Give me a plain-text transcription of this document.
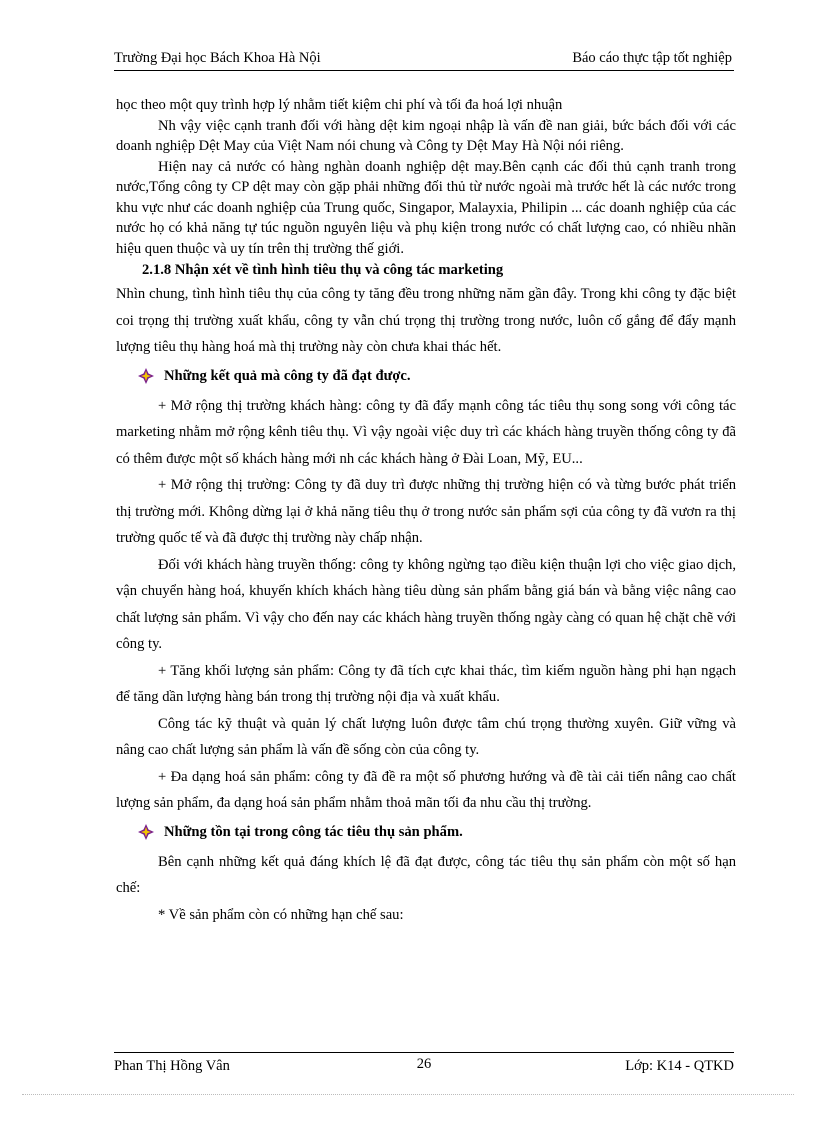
Trường Đại học Bách Khoa Hà Nội	Báo cáo thực tập tốt nghiệp

học theo một quy trình hợp lý nhằm tiết kiệm chi phí và tối đa hoá lợi nhuận

Nh vậy việc cạnh tranh đối với hàng dệt kim ngoại nhập là vấn đề nan giải, bức bách đối với các doanh nghiệp Dệt May của Việt Nam nói chung và Công ty Dệt May Hà Nội nói riêng.

Hiện nay cả nước có hàng nghàn doanh nghiệp dệt may.Bên cạnh các đối thủ cạnh tranh trong nước,Tổng công ty CP dệt may còn gặp phải những đối thủ từ nước ngoài mà trước hết là các nước trong khu vực như các doanh nghiệp của Trung quốc, Singapor, Malayxia, Philipin ... các doanh nghiệp của các nước họ có khả năng tự túc nguồn nguyên liệu và phụ kiện trong nước có chất lượng cao, có nhiều nhãn hiệu quen thuộc và uy tín trên thị trường thế giới.

2.1.8 Nhận xét về tình hình tiêu thụ và công tác marketing

Nhìn chung, tình hình tiêu thụ của công ty tăng đều trong những năm gần đây. Trong khi công ty đặc biệt coi trọng thị trường xuất khẩu, công ty vẫn chú trọng thị trường trong nước, luôn cố gắng để đẩy mạnh lượng tiêu thụ hàng hoá mà thị trường này còn chưa khai thác hết.

Những kết quả mà công ty đã đạt được.

+ Mở rộng thị trường khách hàng: công ty đã đẩy mạnh công tác tiêu thụ song song với công tác marketing nhằm mở rộng kênh tiêu thụ. Vì vậy ngoài việc duy trì các khách hàng truyền thống công ty đã có thêm được một số khách hàng mới nh các khách hàng ở Đài Loan, Mỹ, EU...

+ Mở rộng thị trường: Công ty đã duy trì được những thị trường hiện có và từng bước phát triển thị trường mới. Không dừng lại ở khả năng tiêu thụ ở trong nước sản phẩm sợi của công ty đã vươn ra thị trường quốc tế và đã được thị trường này chấp nhận.

Đối với khách hàng truyền thống: công ty không ngừng tạo điều kiện thuận lợi cho việc giao dịch, vận chuyển hàng hoá, khuyến khích khách hàng tiêu dùng sản phẩm bằng giá bán và bằng việc nâng cao chất lượng sản phẩm. Vì vậy cho đến nay các khách hàng truyền thống ngày càng có quan hệ chặt chẽ với công ty.

+ Tăng khối lượng sản phẩm: Công ty đã tích cực khai thác, tìm kiếm nguồn hàng phi hạn ngạch để tăng dần lượng hàng bán trong thị trường nội địa và xuất khẩu.

Công tác kỹ thuật và quản lý chất lượng luôn được tâm chú trọng thường xuyên. Giữ vững và nâng cao chất lượng sản phẩm là vấn đề sống còn của công ty.

+ Đa dạng hoá sản phẩm: công ty đã đề ra một số phương hướng và đề tài cải tiến nâng cao chất lượng sản phẩm, đa dạng hoá sản phẩm nhằm thoả mãn tối đa nhu cầu thị trường.

Những tồn tại trong công tác tiêu thụ sản phẩm.

Bên cạnh những kết quả đáng khích lệ đã đạt được, công tác tiêu thụ sản phẩm còn một số hạn chế:

* Về sản phẩm còn có những hạn chế sau:

Phan Thị Hồng Vân	26	Lớp: K14 - QTKD
